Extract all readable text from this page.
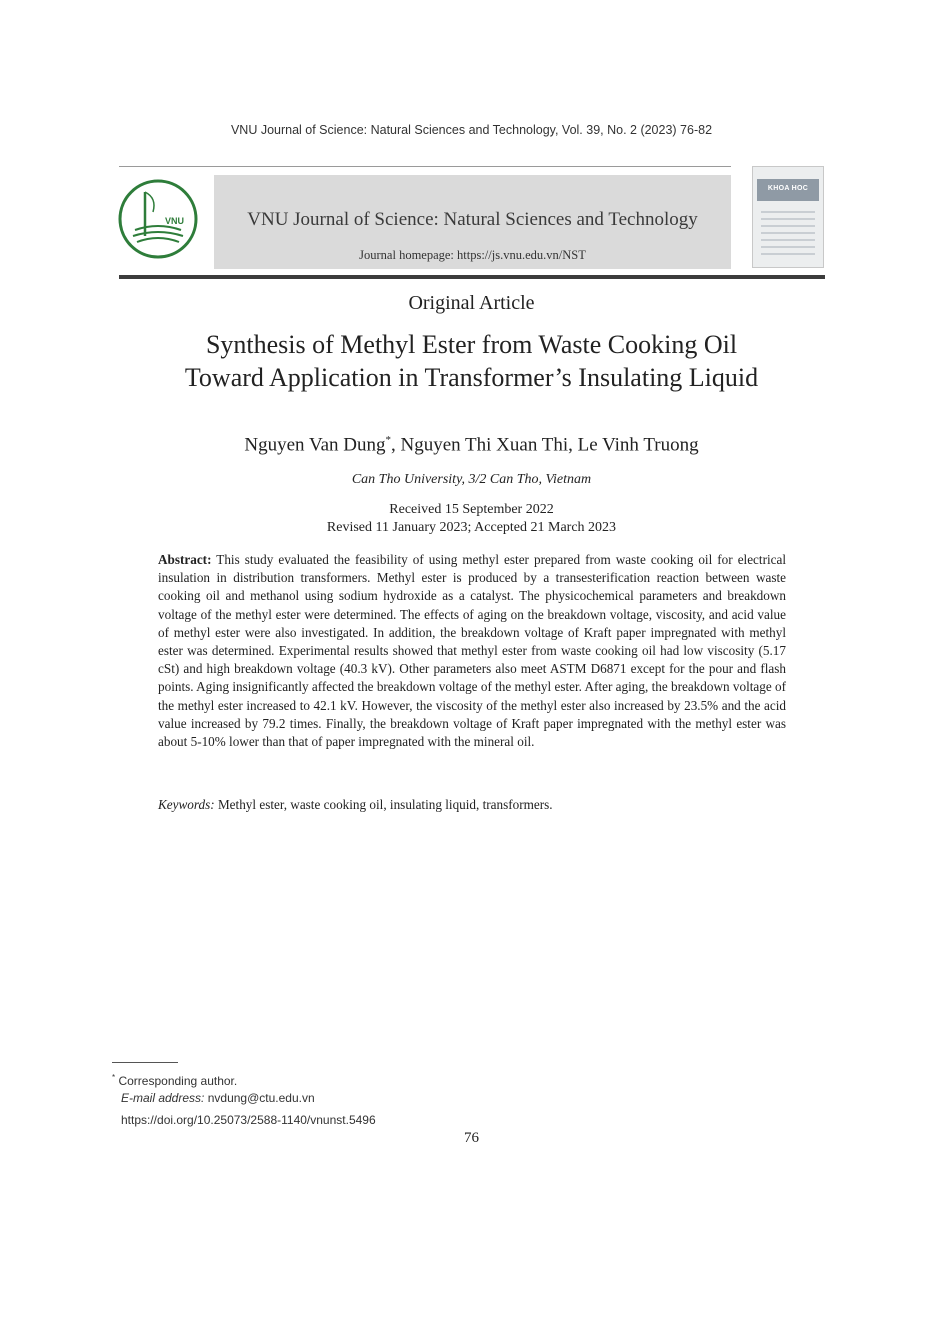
VNU Journal of Science: Natural Sciences and Technology, Vol. 39, No. 2 (2023) 76-82
VNU	VNU Journal of Science: Natural Sciences and Technology
Journal homepage: https://js.vnu.edu.vn/NST
KHOA HOC
Original Article
Synthesis of Methyl Ester from Waste Cooking Oil
Toward Application in Transformer’s Insulating Liquid
Nguyen Van Dung*, Nguyen Thi Xuan Thi, Le Vinh Truong
Can Tho University, 3/2 Can Tho, Vietnam
Received 15 September 2022
Revised 11 January 2023; Accepted 21 March 2023
Abstract: This study evaluated the feasibility of using methyl ester prepared from waste cooking oil for electrical insulation in distribution transformers. Methyl ester is produced by a transesterification reaction between waste cooking oil and methanol using sodium hydroxide as a catalyst. The physicochemical parameters and breakdown voltage of the methyl ester were determined. The effects of aging on the breakdown voltage, viscosity, and acid value of methyl ester were also investigated. In addition, the breakdown voltage of Kraft paper impregnated with methyl ester was determined. Experimental results showed that methyl ester from waste cooking oil had low viscosity (5.17 cSt) and high breakdown voltage (40.3 kV). Other parameters also meet ASTM D6871 except for the pour and flash points. Aging insignificantly affected the breakdown voltage of the methyl ester. After aging, the breakdown voltage of the methyl ester increased to 42.1 kV. However, the viscosity of the methyl ester also increased by 23.5% and the acid value increased by 79.2 times. Finally, the breakdown voltage of Kraft paper impregnated with the methyl ester was about 5-10% lower than that of paper impregnated with the mineral oil.
Keywords: Methyl ester, waste cooking oil, insulating liquid, transformers.
* Corresponding author.
E-mail address: nvdung@ctu.edu.vn
https://doi.org/10.25073/2588-1140/vnunst.5496
76
